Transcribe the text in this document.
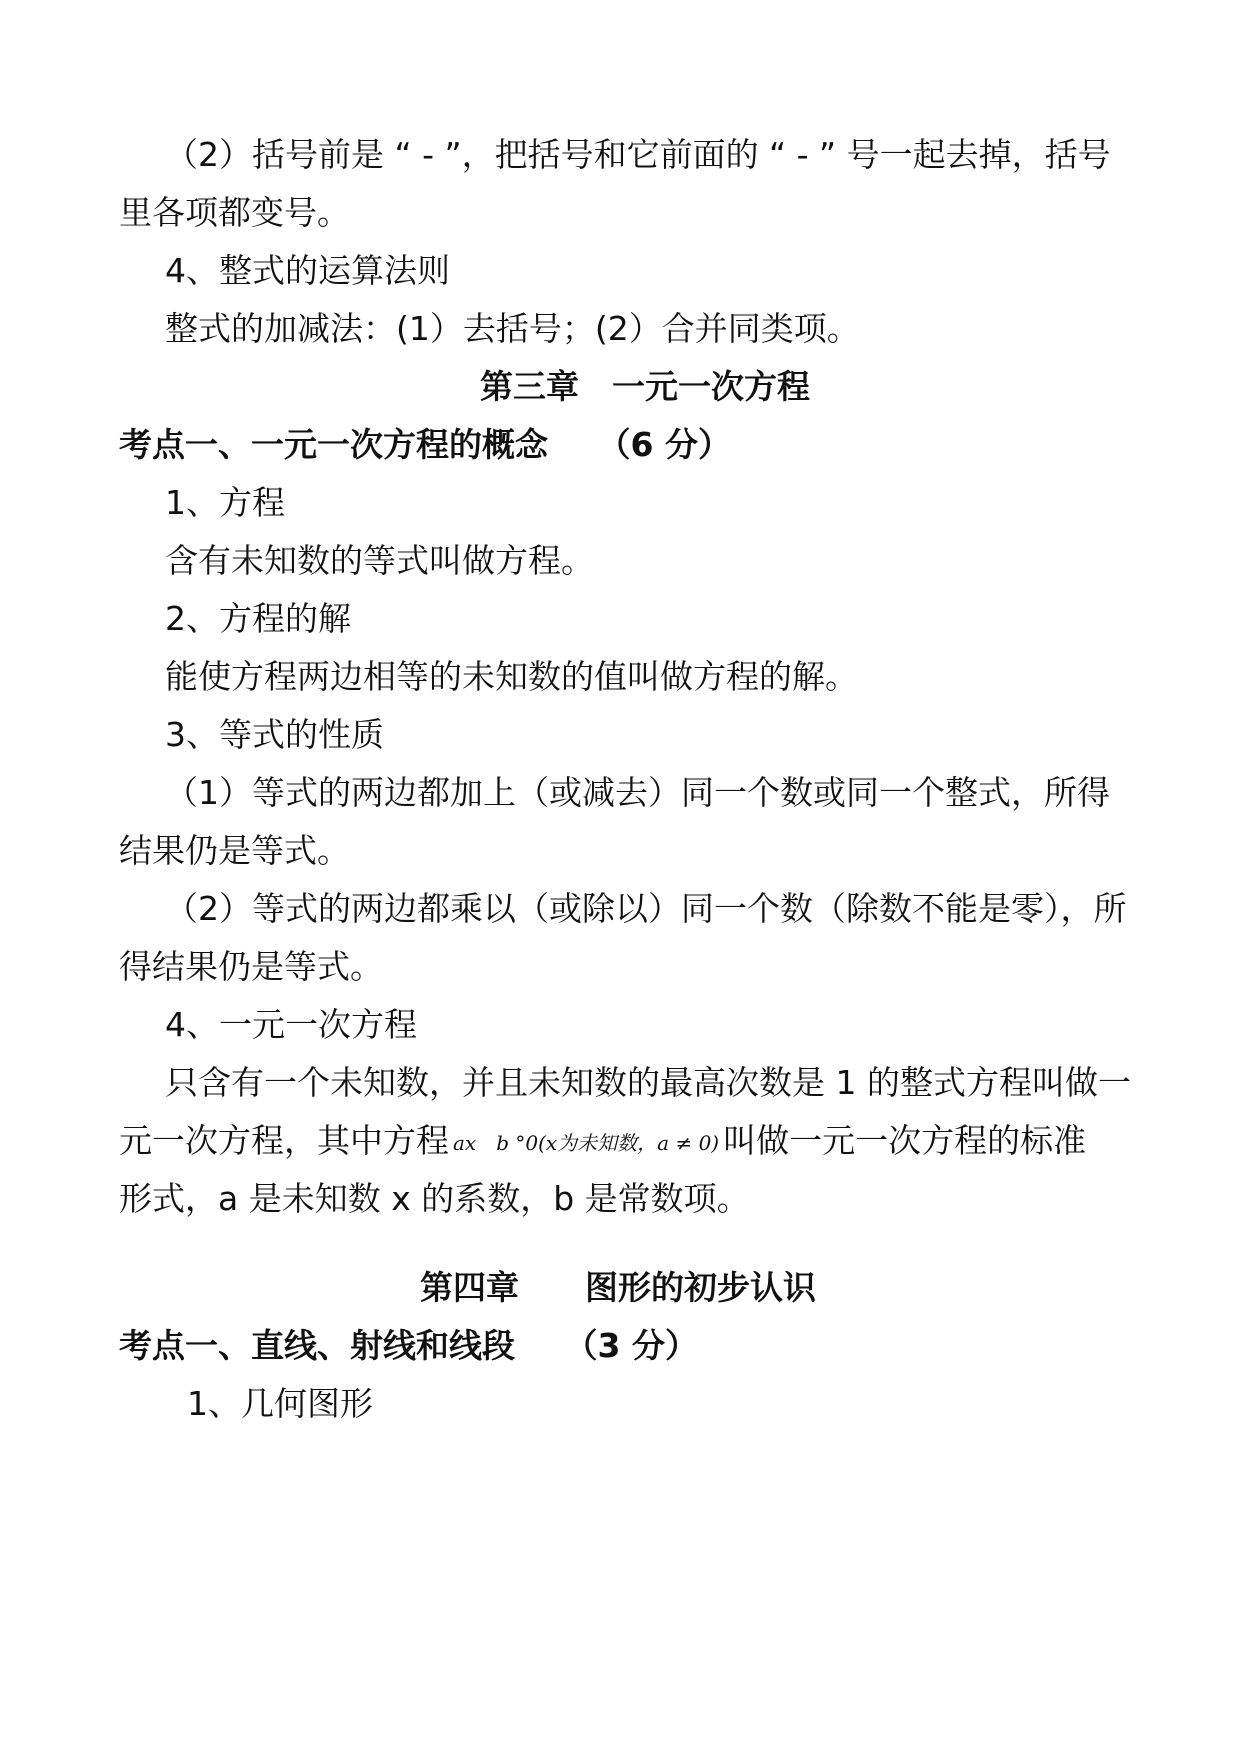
（2）括号前是 “ - ”，把括号和它前面的 “ - ” 号一起去掉，括号
里各项都变号。
4、整式的运算法则
整式的加减法：(1）去括号；(2）合并同类项。
第三章　一元一次方程
考点一、一元一次方程的概念　　（6 分）
1、方程
含有未知数的等式叫做方程。
2、方程的解
能使方程两边相等的未知数的值叫做方程的解。
3、等式的性质
（1）等式的两边都加上（或减去）同一个数或同一个整式，所得
结果仍是等式。
（2）等式的两边都乘以（或除以）同一个数（除数不能是零），所
得结果仍是等式。
4、一元一次方程
只含有一个未知数，并且未知数的最高次数是 1 的整式方程叫做一
元一次方程，其中方程 ax　b °0(x为未知数，a ≠ 0) 叫做一元一次方程的标准
形式，a 是未知数 x 的系数，b 是常数项。
第四章　　图形的初步认识
考点一、直线、射线和线段　　（3 分）
1、几何图形
